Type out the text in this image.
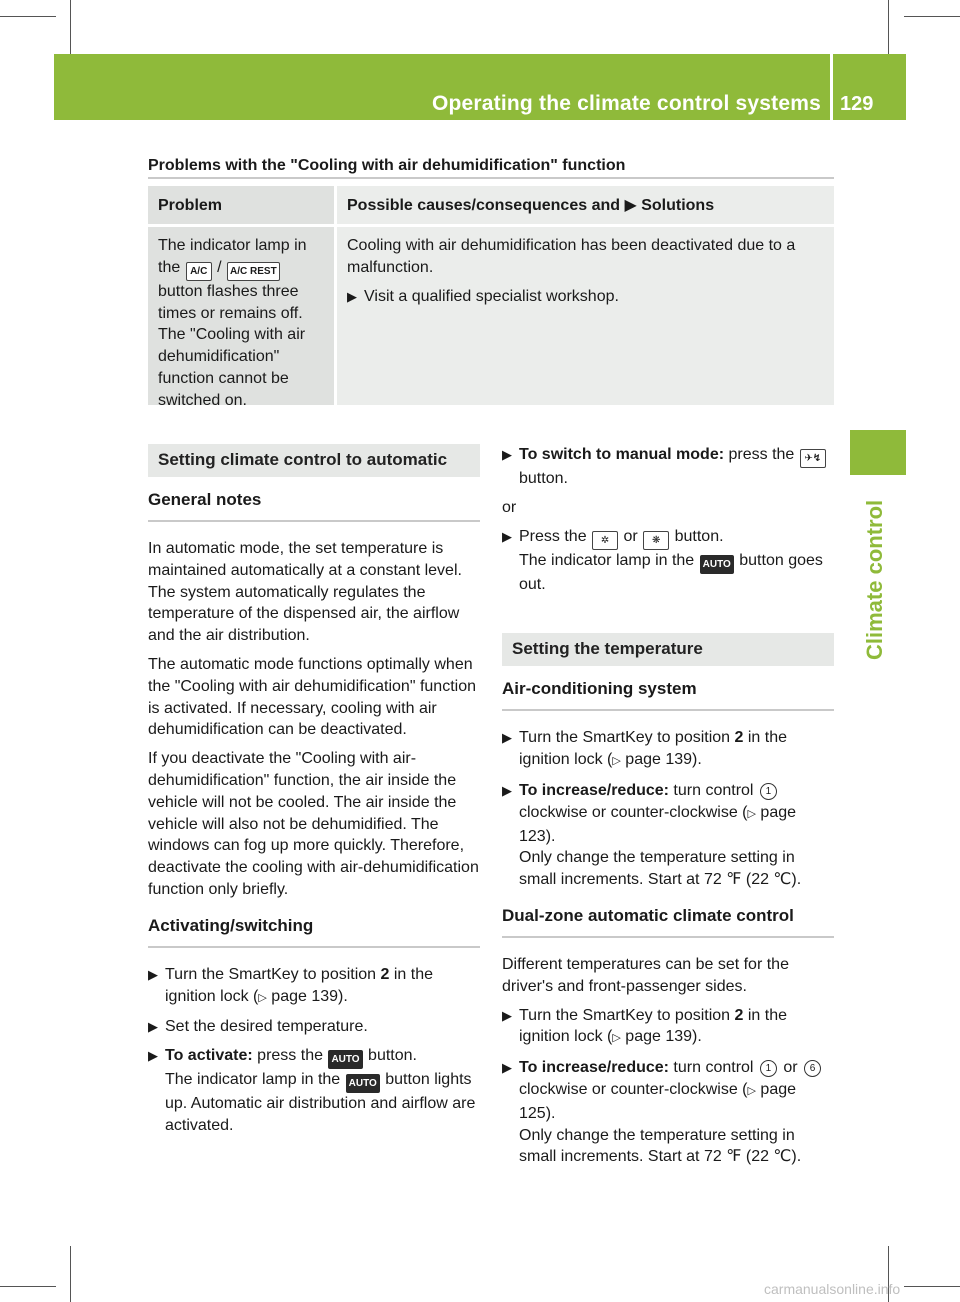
Operating the climate control systems 129
Climate control
Problems with the "Cooling with air dehumidification" function
Problem	Possible causes/consequences and ▶ Solutions
The indicator lamp in the A/C / A/C REST button flashes three times or remains off. The "Cooling with air dehumidification" function cannot be switched on.

Cooling with air dehumidification has been deactivated due to a malfunction.

▶ Visit a qualified specialist workshop.
Setting climate control to automatic
General notes

In automatic mode, the set temperature is maintained automatically at a constant level. The system automatically regulates the temperature of the dispensed air, the airflow and the air distribution.

The automatic mode functions optimally when the "Cooling with air dehumidification" function is activated. If necessary, cooling with air dehumidification can be deactivated.

If you deactivate the "Cooling with air-dehumidification" function, the air inside the vehicle will not be cooled. The air inside the vehicle will also not be dehumidified. The windows can fog up more quickly. Therefore, deactivate the cooling with air-dehumidification function only briefly.

Activating/switching
▶ Turn the SmartKey to position 2 in the ignition lock (▷ page 139).
▶ Set the desired temperature.
▶ To activate: press the AUTO button.
The indicator lamp in the AUTO button lights up. Automatic air distribution and airflow are activated.
▶ To switch to manual mode: press the ✈↯ button.

or

▶ Press the ✲ or ❋ button.
The indicator lamp in the AUTO button goes out.
Setting the temperature
Air-conditioning system
▶ Turn the SmartKey to position 2 in the ignition lock (▷ page 139).
▶ To increase/reduce: turn control 1 clockwise or counter-clockwise (▷ page 123).
Only change the temperature setting in small increments. Start at 72 ℉ (22 ℃).
Dual-zone automatic climate control

Different temperatures can be set for the driver's and front-passenger sides.

▶ Turn the SmartKey to position 2 in the ignition lock (▷ page 139).
▶ To increase/reduce: turn control 1 or 6 clockwise or counter-clockwise (▷ page 125).
Only change the temperature setting in small increments. Start at 72 ℉ (22 ℃).
carmanualsonline.info
